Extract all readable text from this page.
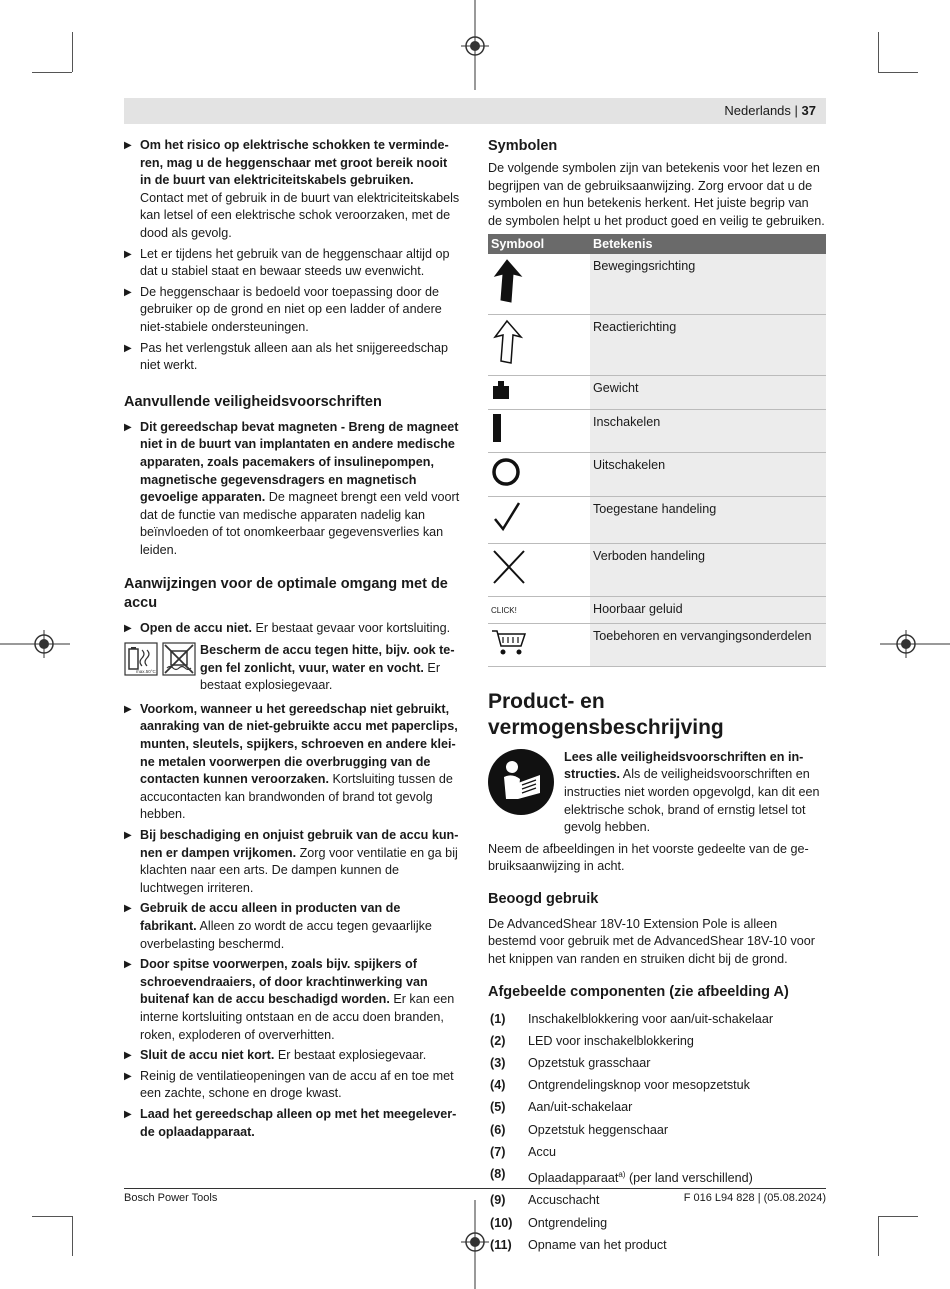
Nederlands | 37
▶ Om het risico op elektrische schokken te verminderen, mag u de heggenschaar met groot bereik nooit in de buurt van elektriciteitskabels gebruiken. Contact met of gebruik in de buurt van elektriciteitskabels kan letsel of een elektrische schok veroorzaken, met de dood als gevolg.
▶ Let er tijdens het gebruik van de heggenschaar altijd op dat u stabiel staat en bewaar steeds uw evenwicht.
▶ De heggenschaar is bedoeld voor toepassing door de gebruiker op de grond en niet op een ladder of andere niet-stabiele ondersteuningen.
▶ Pas het verlengstuk alleen aan als het snijgereedschap niet werkt.
Aanvullende veiligheidsvoorschriften
▶ Dit gereedschap bevat magneten - Breng de magneet niet in de buurt van implantaten en andere medische apparaten, zoals pacemakers of insulinepompen, magnetische gegevensdragers en magnetisch gevoelige apparaten. De magneet brengt een veld voort dat de functie van medische apparaten nadelig kan beïnvloeden of tot onomkeerbaar gegevensverlies kan leiden.
Aanwijzingen voor de optimale omgang met de accu
▶ Open de accu niet. Er bestaat gevaar voor kortsluiting.
max.50°C

Bescherm de accu tegen hitte, bijv. ook tegen fel zonlicht, vuur, water en vocht. Er bestaat explosiegevaar.
▶ Voorkom, wanneer u het gereedschap niet gebruikt, aanraking van de niet-gebruikte accu met paperclips, munten, sleutels, spijkers, schroeven en andere kleine metalen voorwerpen die overbrugging van de contacten kunnen veroorzaken. Kortsluiting tussen de accucontacten kan brandwonden of brand tot gevolg hebben.
▶ Bij beschadiging en onjuist gebruik van de accu kunnen er dampen vrijkomen. Zorg voor ventilatie en ga bij klachten naar een arts. De dampen kunnen de luchtwegen irriteren.
▶ Gebruik de accu alleen in producten van de fabrikant. Alleen zo wordt de accu tegen gevaarlijke overbelasting beschermd.
▶ Door spitse voorwerpen, zoals bijv. spijkers of schroevendraaiers, of door krachtinwerking van buitenaf kan de accu beschadigd worden. Er kan een interne kortsluiting ontstaan en de accu doen branden, roken, exploderen of oververhitten.
▶ Sluit de accu niet kort. Er bestaat explosiegevaar.
▶ Reinig de ventilatieopeningen van de accu af en toe met een zachte, schone en droge kwast.
▶ Laad het gereedschap alleen op met het meegeleverde oplaadapparaat.
Symbolen

De volgende symbolen zijn van betekenis voor het lezen en begrijpen van de gebruiksaanwijzing. Zorg ervoor dat u de symbolen en hun betekenis herkent. Het juiste begrip van de symbolen helpt u het product goed en veilig te gebruiken.

Symbool	Betekenis
	Bewegingsrichting
	Reactierichting
	Gewicht
	Inschakelen
	Uitschakelen
	Toegestane handeling
	Verboden handeling
CLICK!	Hoorbaar geluid
	Toebehoren en vervangingsonderdelen
Product- en vermogensbeschrijving
Lees alle veiligheidsvoorschriften en instructies. Als de veiligheidsvoorschriften en instructies niet worden opgevolgd, kan dit een elektrische schok, brand of ernstig letsel tot gevolg hebben.

Neem de afbeeldingen in het voorste gedeelte van de gebruiksaanwijzing in acht.

Beoogd gebruik

De AdvancedShear 18V-10 Extension Pole is alleen bestemd voor gebruik met de AdvancedShear 18V-10 voor het knippen van randen en struiken dicht bij de grond.

Afgebeelde componenten (zie afbeelding A)
(1)	Inschakelblokkering voor aan/uit-schakelaar
(2)	LED voor inschakelblokkering
(3)	Opzetstuk grasschaar
(4)	Ontgrendelingsknop voor mesopzetstuk
(5)	Aan/uit-schakelaar
(6)	Opzetstuk heggenschaar
(7)	Accu
(8)	Oplaadapparaat$^{a)}$ (per land verschillend)
(9)	Accuschacht
(10)	Ontgrendeling
(11)	Opname van het product
Bosch Power Tools	F 016 L94 828 | (05.08.2024)
